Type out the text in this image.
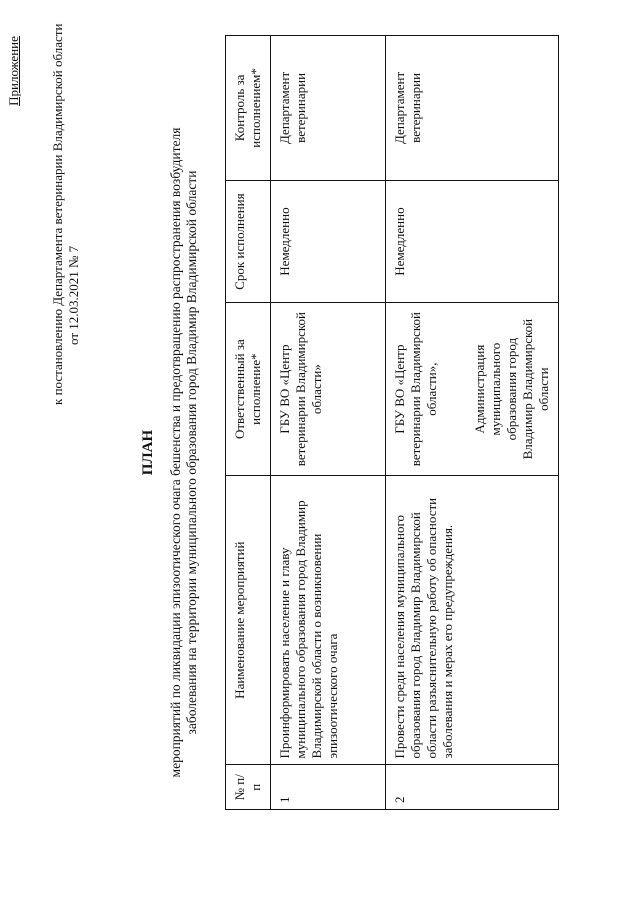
Приложение к постановлению Департамента ветеринарии Владимирской области от 12.03.2021 № 7
ПЛАН мероприятий по ликвидации эпизоотического очага бешенства и предотвращению распространения возбудителя заболевания на территории муниципального образования город Владимир Владимирской области
№ п/п	Наименование мероприятий	Ответственный за исполнение*	Срок исполнения	Контроль за исполнением*
1	Проинформировать население и главу муниципального образования город Владимир Владимирской области о возникновении эпизоотического очага	ГБУ ВО «Центр ветеринарии Владимирской области»	Немедленно	Департамент ветеринарии
2	Провести среди населения муниципального образования город Владимир Владимирской области разъяснительную работу об опасности заболевания и мерах его предупреждения.	ГБУ ВО «Центр ветеринарии Владимирской области», Администрация муниципального образования город Владимир Владимирской области	Немедленно	Департамент ветеринарии
